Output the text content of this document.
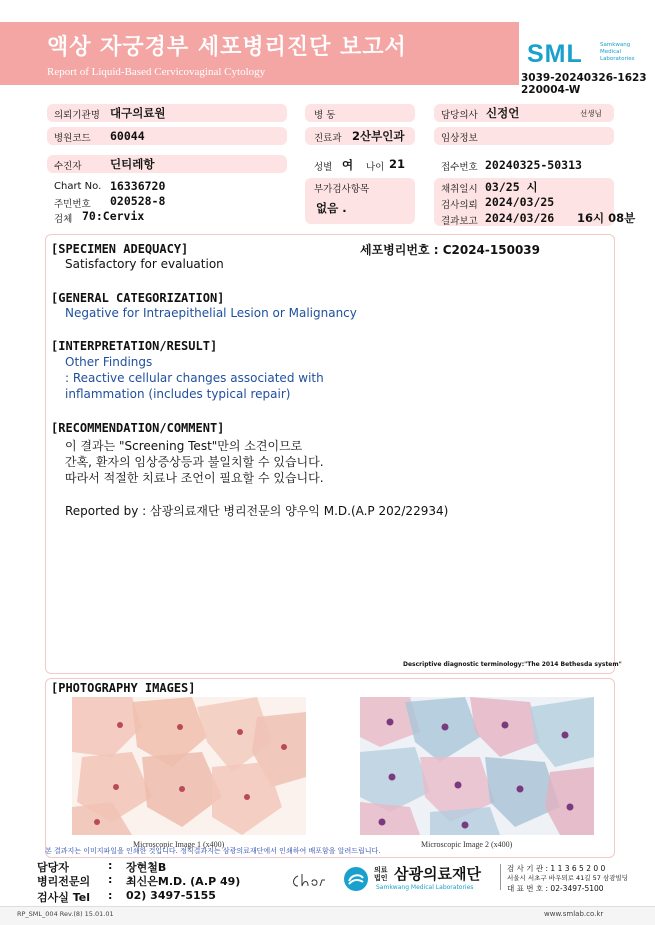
액상 자궁경부 세포병리진단 보고서
Report of Liquid-Based Cervicovaginal Cytology
SML	Samkwang Medical Laboratories
3039-20240326-1623
220004-W
의뢰기관명 대구의료원	병 동	담당의사 신정언	선생님
병원코드 60044	진료과 2산부인과	임상정보
수진자 딘티레항	성별 여 나이 21	접수번호 20240325-50313
Chart No. 16336720
주민번호 020528-8
검체 70:Cervix
부가검사항목
없음 .
채취일시 03/25 시
검사의뢰 2024/03/25
결과보고 2024/03/26 16시 08분
[SPECIMEN ADEQUACY]	세포병리번호 : C2024-150039
Satisfactory for evaluation
[GENERAL CATEGORIZATION]
Negative for Intraepithelial Lesion or Malignancy
[INTERPRETATION/RESULT]
Other Findings
: Reactive cellular changes associated with
inflammation (includes typical repair)
[RECOMMENDATION/COMMENT]
이 결과는 "Screening Test"만의 소견이므로
간혹, 환자의 임상증상등과 불일치할 수 있습니다.
따라서 적절한 치료나 조언이 필요할 수 있습니다.
Reported by : 삼광의료재단 병리전문의 양우익 M.D.(A.P 202/22934)
Descriptive diagnostic terminology:"The 2014 Bethesda system"
[PHOTOGRAPHY IMAGES]
Microscopic Image 1 (x400)	Microscopic Image 2 (x400)
본 결과지는 이미지파일을 인쇄한 것입니다. 정식결과지는 삼광의료재단에서 인쇄하여 배포함을 알려드립니다.
담당자	: 장현철B
병리전문의 : 최신은M.D. (A.P 49)
검사실 Tel : 02) 3497-5155
의료
법인 삼광의료재단
Samkwang Medical Laboratories
검 사 기 관 : 1 1 3 6 5 2 0 0
서울시 서초구 바우뫼로 41길 57 삼광빌딩
대 표 번 호 : 02-3497-5100
RP_SML_004 Rev.(8) 15.01.01	www.smlab.co.kr
